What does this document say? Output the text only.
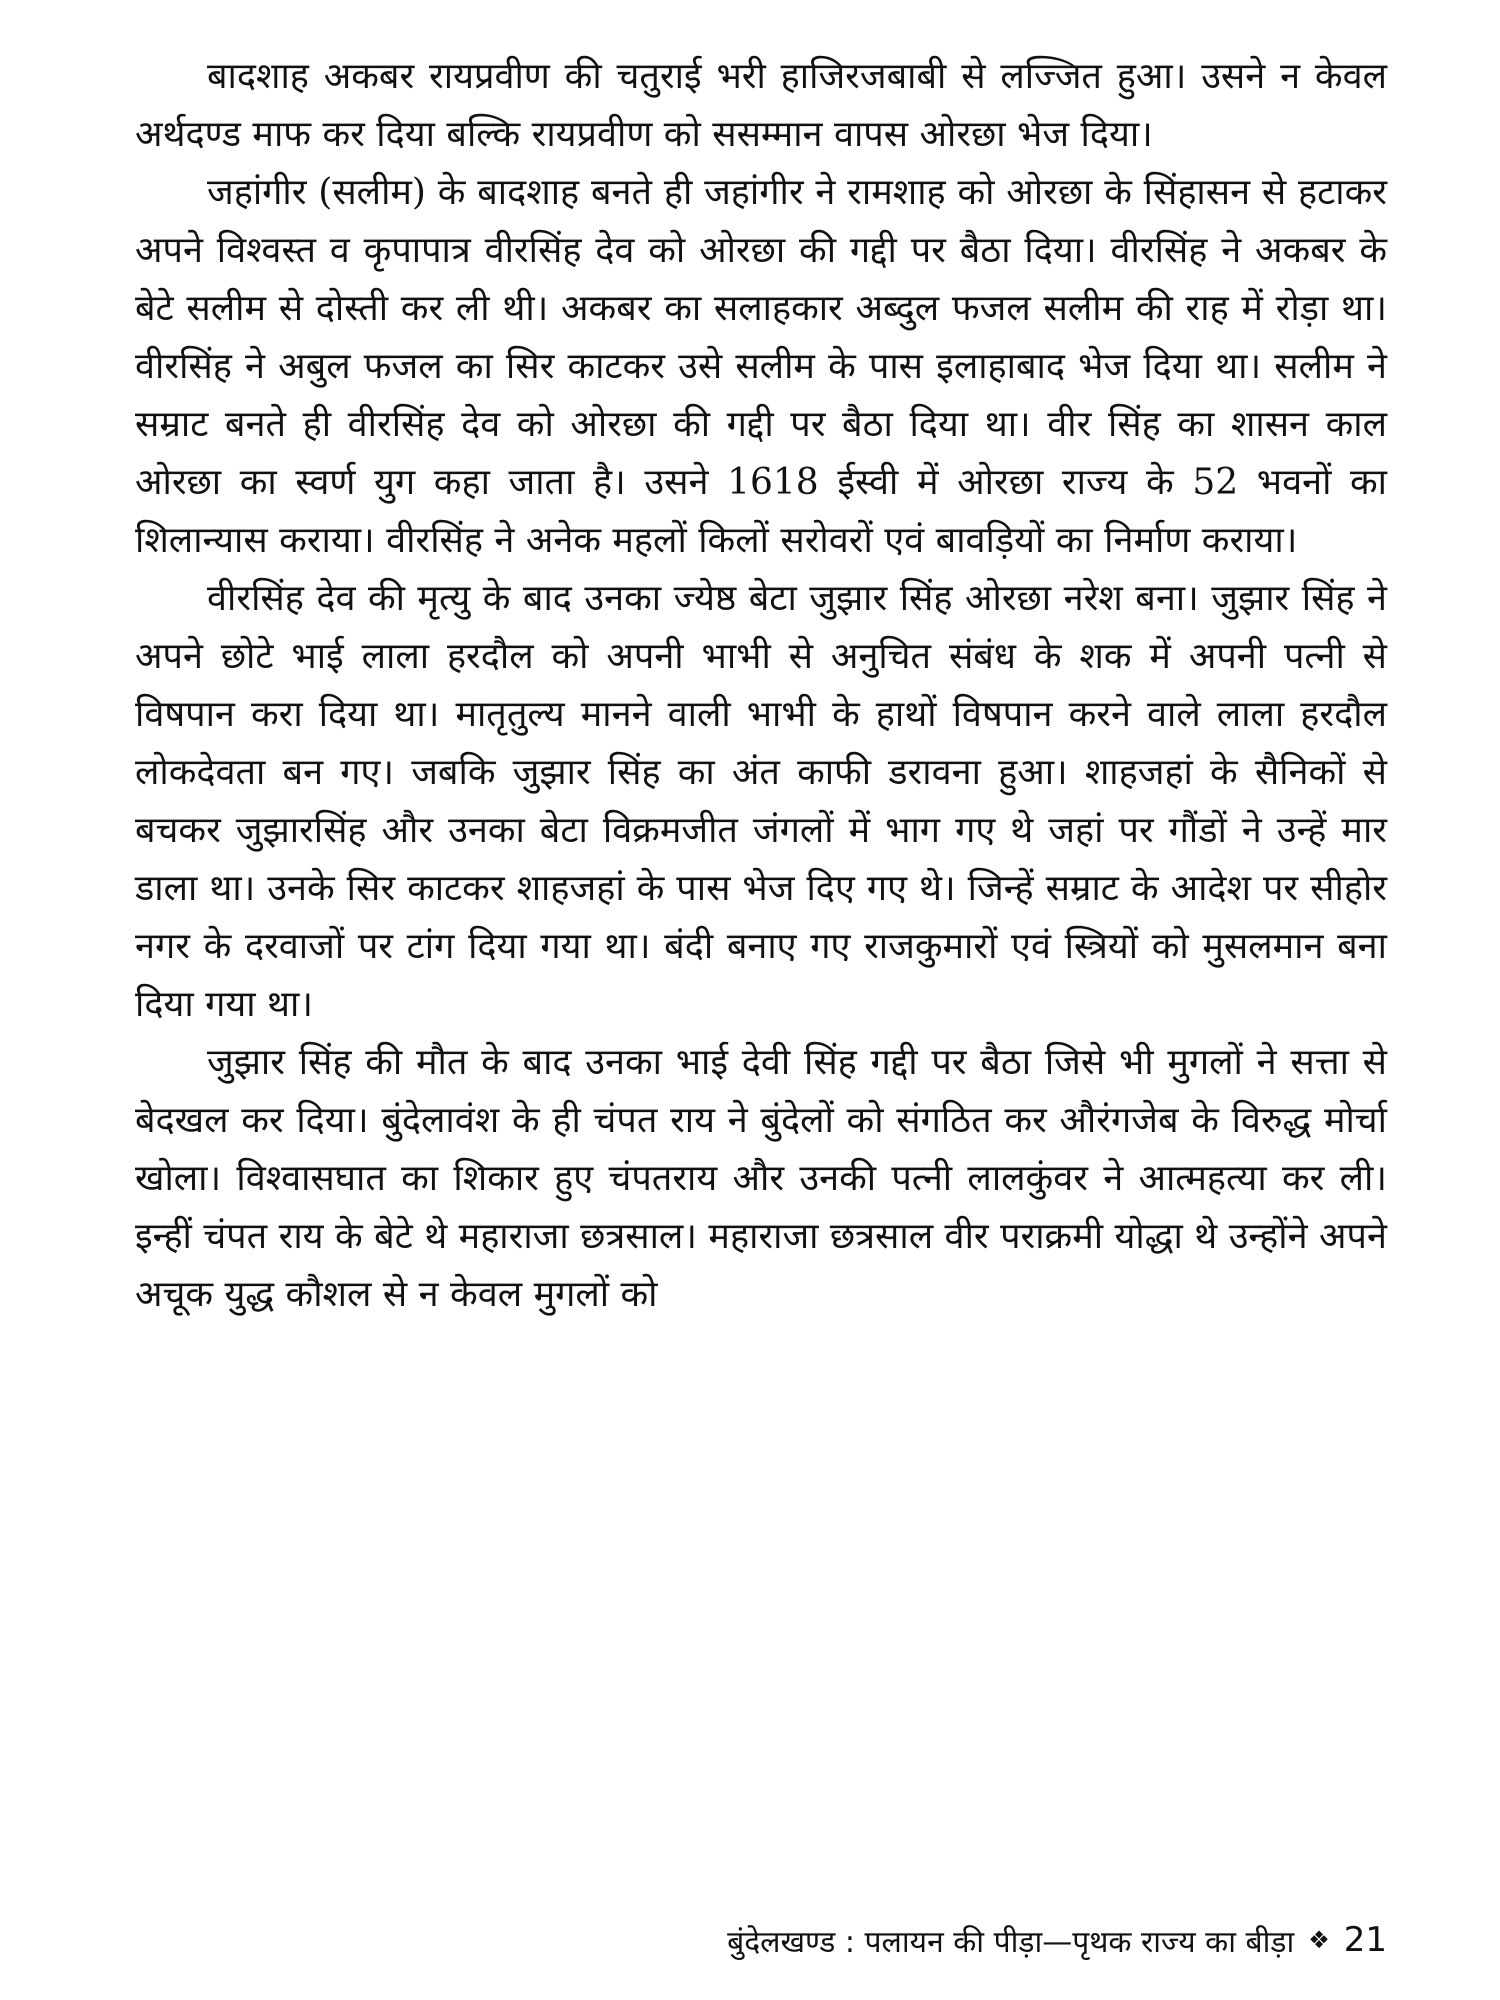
बादशाह अकबर रायप्रवीण की चतुराई भरी हाजिरजबाबी से लज्जित हुआ। उसने न केवल अर्थदण्ड माफ कर दिया बल्कि रायप्रवीण को ससम्मान वापस ओरछा भेज दिया।

जहांगीर (सलीम) के बादशाह बनते ही जहांगीर ने रामशाह को ओरछा के सिंहासन से हटाकर अपने विश्वस्त व कृपापात्र वीरसिंह देव को ओरछा की गद्दी पर बैठा दिया। वीरसिंह ने अकबर के बेटे सलीम से दोस्ती कर ली थी। अकबर का सलाहकार अब्दुल फजल सलीम की राह में रोड़ा था। वीरसिंह ने अबुल फजल का सिर काटकर उसे सलीम के पास इलाहाबाद भेज दिया था। सलीम ने सम्राट बनते ही वीरसिंह देव को ओरछा की गद्दी पर बैठा दिया था। वीर सिंह का शासन काल ओरछा का स्वर्ण युग कहा जाता है। उसने 1618 ईस्वी में ओरछा राज्य के 52 भवनों का शिलान्यास कराया। वीरसिंह ने अनेक महलों किलों सरोवरों एवं बावड़ियों का निर्माण कराया।

वीरसिंह देव की मृत्यु के बाद उनका ज्येष्ठ बेटा जुझार सिंह ओरछा नरेश बना। जुझार सिंह ने अपने छोटे भाई लाला हरदौल को अपनी भाभी से अनुचित संबंध के शक में अपनी पत्नी से विषपान करा दिया था। मातृतुल्य मानने वाली भाभी के हाथों विषपान करने वाले लाला हरदौल लोकदेवता बन गए। जबकि जुझार सिंह का अंत काफी डरावना हुआ। शाहजहां के सैनिकों से बचकर जुझारसिंह और उनका बेटा विक्रमजीत जंगलों में भाग गए थे जहां पर गौंडों ने उन्हें मार डाला था। उनके सिर काटकर शाहजहां के पास भेज दिए गए थे। जिन्हें सम्राट के आदेश पर सीहोर नगर के दरवाजों पर टांग दिया गया था। बंदी बनाए गए राजकुमारों एवं स्त्रियों को मुसलमान बना दिया गया था।

जुझार सिंह की मौत के बाद उनका भाई देवी सिंह गद्दी पर बैठा जिसे भी मुगलों ने सत्ता से बेदखल कर दिया। बुंदेलावंश के ही चंपत राय ने बुंदेलों को संगठित कर औरंगजेब के विरुद्ध मोर्चा खोला। विश्वासघात का शिकार हुए चंपतराय और उनकी पत्नी लालकुंवर ने आत्महत्या कर ली। इन्हीं चंपत राय के बेटे थे महाराजा छत्रसाल। महाराजा छत्रसाल वीर पराक्रमी योद्धा थे उन्होंने अपने अचूक युद्ध कौशल से न केवल मुगलों को

बुंदेलखण्ड : पलायन की पीड़ा—पृथक राज्य का बीड़ा ❖ 21
